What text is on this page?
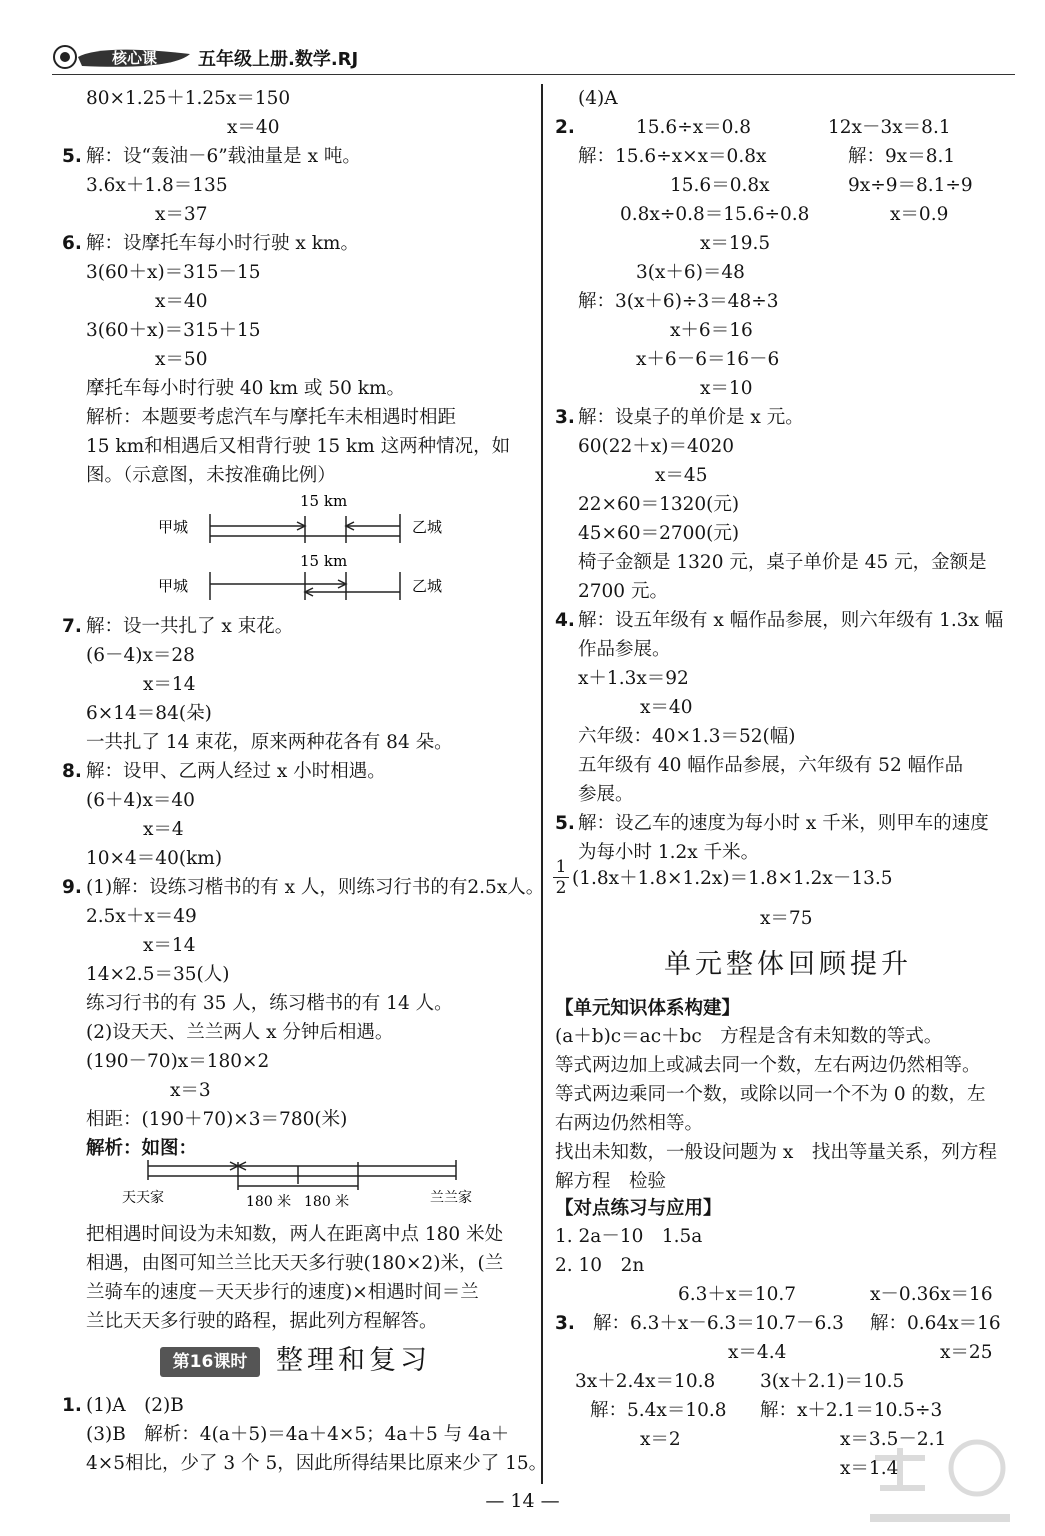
核心课 五年级上册.数学.RJ
80×1.25＋1.25x＝150
x＝40
5. 解：设“轰油－6”载油量是 x 吨。
3.6x＋1.8＝135
x＝37
6. 解：设摩托车每小时行驶 x km。
3(60＋x)＝315－15
x＝40
3(60＋x)＝315＋15
x＝50
摩托车每小时行驶 40 km 或 50 km。
解析：本题要考虑汽车与摩托车未相遇时相距
15 km和相遇后又相背行驶 15 km 这两种情况，如
图。（示意图，未按准确比例）
15 km
15 km
甲城	乙城
甲城	乙城
7. 解：设一共扎了 x 束花。
(6－4)x＝28
x＝14
6×14＝84(朵)
一共扎了 14 束花，原来两种花各有 84 朵。
8. 解：设甲、乙两人经过 x 小时相遇。
(6＋4)x＝40
x＝4
10×4＝40(km)
9. (1)解：设练习楷书的有 x 人，则练习行书的有2.5x人。
2.5x＋x＝49
x＝14
14×2.5＝35(人)
练习行书的有 35 人，练习楷书的有 14 人。
(2)设天天、兰兰两人 x 分钟后相遇。
(190－70)x＝180×2
x＝3
相距：(190＋70)×3＝780(米)
解析：如图：
天天家	180 米 180 米	兰兰家
把相遇时间设为未知数，两人在距离中点 180 米处
相遇，由图可知兰兰比天天多行驶(180×2)米，(兰
兰骑车的速度－天天步行的速度)×相遇时间＝兰
兰比天天多行驶的路程，据此列方程解答。
第16课时	整理和复习
1. (1)A　(2)B
(3)B　解析：4(a＋5)＝4a＋4×5；4a＋5 与 4a＋
4×5相比，少了 3 个 5，因此所得结果比原来少了 15。
(4)A
2.	15.6÷x＝0.8	12x－3x＝8.1
解：15.6÷x×x＝0.8x	解：9x＝8.1
15.6＝0.8x	9x÷9＝8.1÷9
0.8x÷0.8＝15.6÷0.8	x＝0.9
x＝19.5
3(x＋6)＝48
解：3(x＋6)÷3＝48÷3
x＋6＝16
x＋6－6＝16－6
x＝10
3. 解：设桌子的单价是 x 元。
60(22＋x)＝4020
x＝45
22×60＝1320(元)
45×60＝2700(元)
椅子金额是 1320 元，桌子单价是 45 元，金额是
2700 元。
4. 解：设五年级有 x 幅作品参展，则六年级有 1.3x 幅
作品参展。
x＋1.3x＝92
x＝40
六年级：40×1.3＝52(幅)
五年级有 40 幅作品参展，六年级有 52 幅作品
参展。
5. 解：设乙车的速度为每小时 x 千米，则甲车的速度
为每小时 1.2x 千米。
$\frac{1}{2} (1.8x+1.8\times 1.2x)=1.8\times 1.2x-13.5$
x＝75
单元整体回顾提升
【单元知识体系构建】
(a＋b)c＝ac＋bc　方程是含有未知数的等式。
等式两边加上或减去同一个数，左右两边仍然相等。
等式两边乘同一个数，或除以同一个不为 0 的数，左
右两边仍然相等。
找出未知数，一般设问题为 x　找出等量关系，列方程
解方程　检验
【对点练习与应用】
1. 2a－10　1.5a
2. 10　2n
6.3＋x＝10.7	x－0.36x＝16
3. 解：6.3＋x－6.3＝10.7－6.3 解：0.64x＝16
x＝4.4	x＝25
3x＋2.4x＝10.8 3(x＋2.1)＝10.5
解：5.4x＝10.8 解：x＋2.1＝10.5÷3
x＝2	x＝3.5－2.1
x＝1.4
— 14 —
